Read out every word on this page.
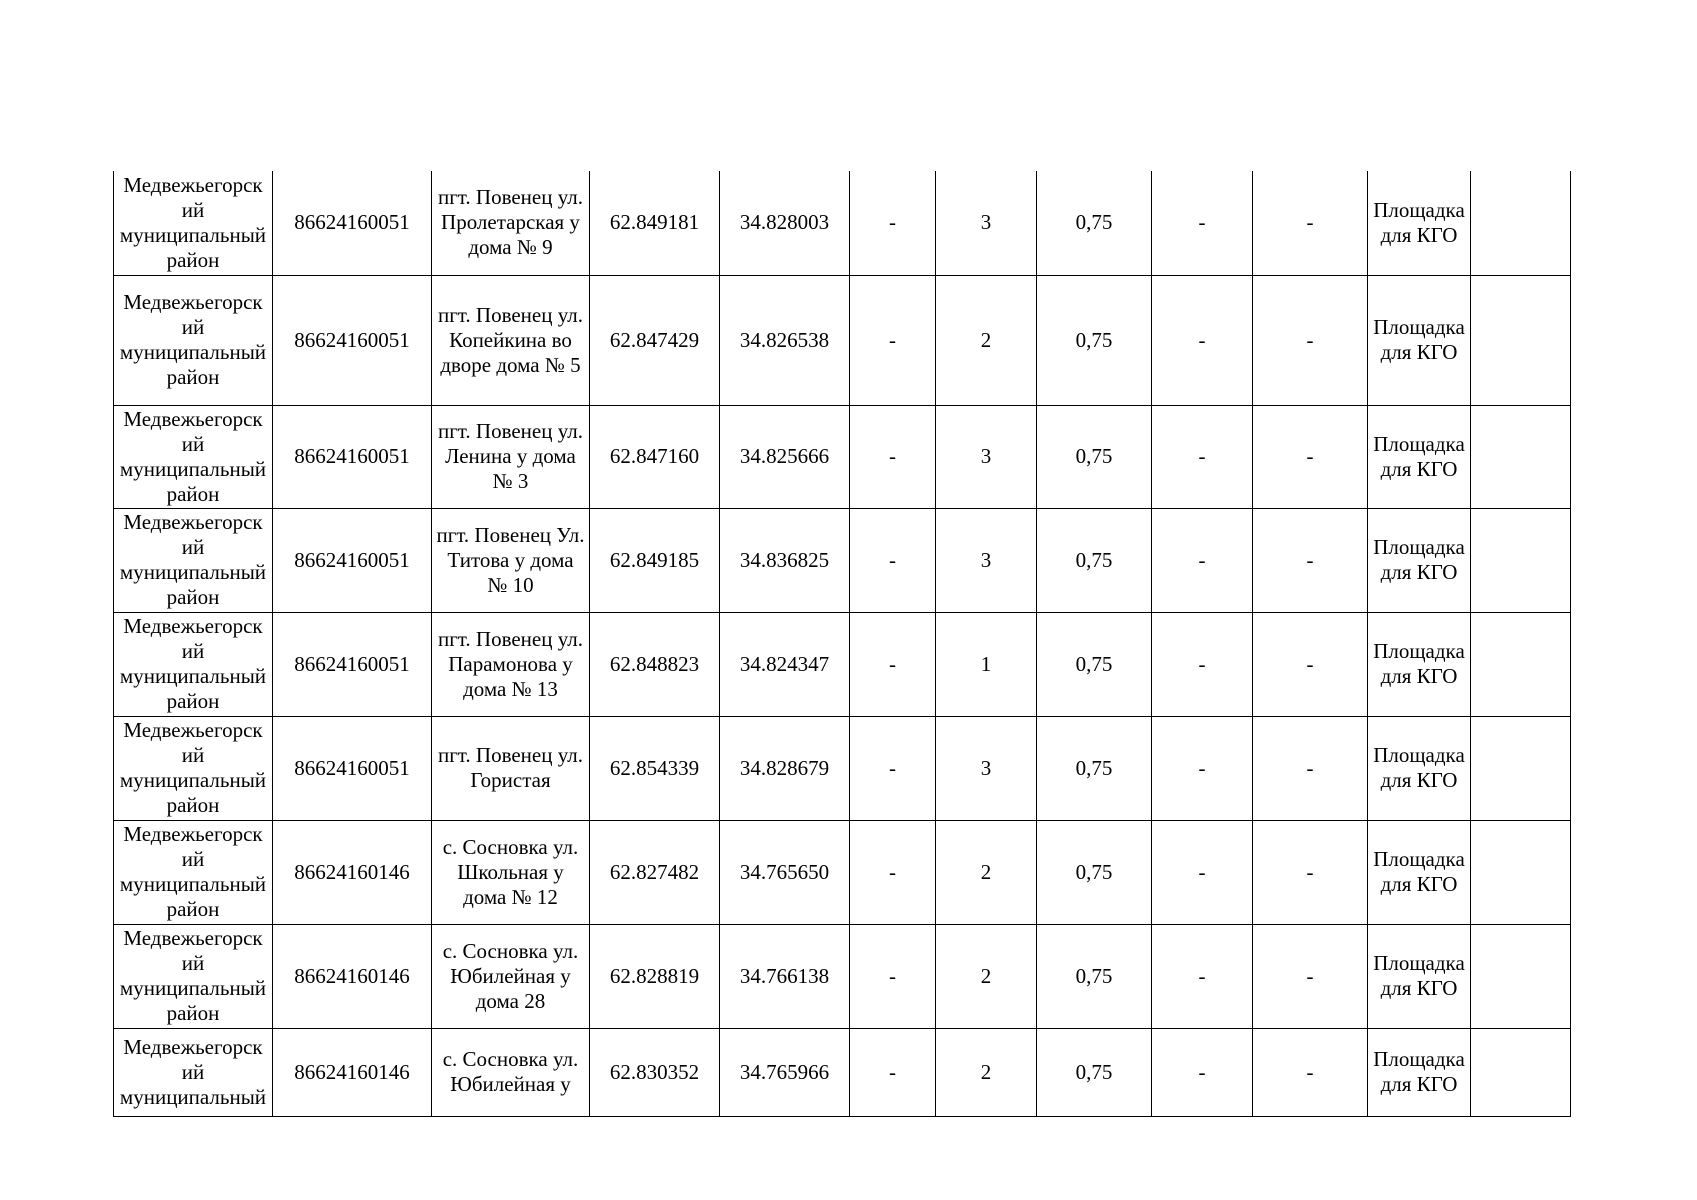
Медвежьегорский муниципальный район	86624160051	пгт. Повенец ул. Пролетарская у дома № 9	62.849181	34.828003	-	3	0,75	-	-	Площадка для КГО	

Медвежьегорский муниципальный район	86624160051	пгт. Повенец ул. Копейкина во дворе дома № 5	62.847429	34.826538	-	2	0,75	-	-	Площадка для КГО	

Медвежьегорский муниципальный район	86624160051	пгт. Повенец ул. Ленина у дома № 3	62.847160	34.825666	-	3	0,75	-	-	Площадка для КГО	

Медвежьегорский муниципальный район	86624160051	пгт. Повенец Ул. Титова у дома № 10	62.849185	34.836825	-	3	0,75	-	-	Площадка для КГО	

Медвежьегорский муниципальный район	86624160051	пгт. Повенец ул. Парамонова у дома № 13	62.848823	34.824347	-	1	0,75	-	-	Площадка для КГО	

Медвежьегорский муниципальный район	86624160051	пгт. Повенец ул. Гористая	62.854339	34.828679	-	3	0,75	-	-	Площадка для КГО	

Медвежьегорский муниципальный район	86624160146	с. Сосновка ул. Школьная у дома № 12	62.827482	34.765650	-	2	0,75	-	-	Площадка для КГО	

Медвежьегорский муниципальный район	86624160146	с. Сосновка ул. Юбилейная у дома 28	62.828819	34.766138	-	2	0,75	-	-	Площадка для КГО	

Медвежьегорский муниципальный	86624160146	с. Сосновка ул. Юбилейная у	62.830352	34.765966	-	2	0,75	-	-	Площадка для КГО	
